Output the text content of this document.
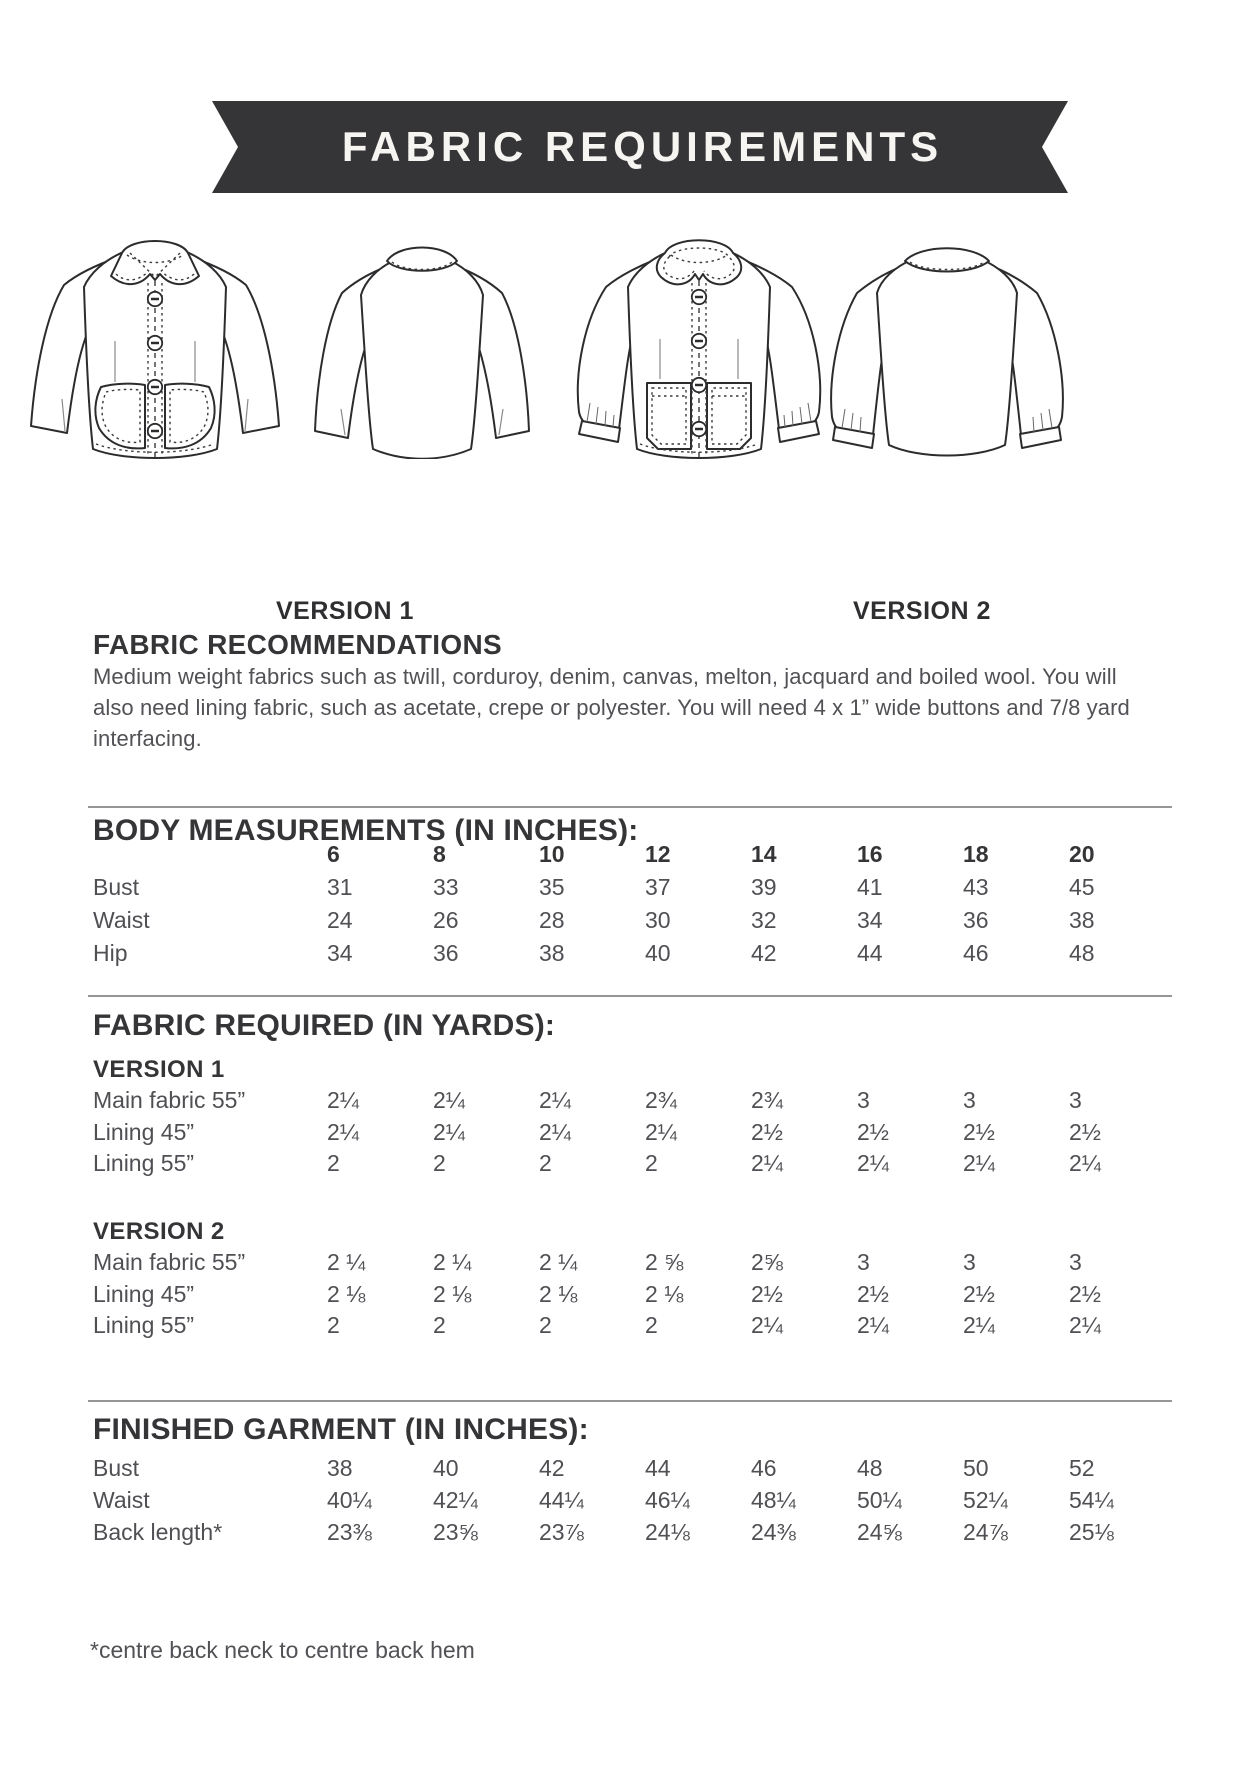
FABRIC REQUIREMENTS
VERSION 1	VERSION 2
FABRIC RECOMMENDATIONS
Medium weight fabrics such as twill, corduroy, denim, canvas, melton, jacquard and boiled wool. You will also need lining fabric, such as acetate, crepe or polyester. You will need 4 x 1” wide buttons and 7/8 yard interfacing.
BODY MEASUREMENTS (IN INCHES):
6	8	10	12	14	16	18	20
Bust	31	33	35	37	39	41	43	45
Waist	24	26	28	30	32	34	36	38
Hip	34	36	38	40	42	44	46	48
FABRIC REQUIRED (IN YARDS):
VERSION 1
Main fabric 55”	2¼	2¼	2¼	2¾	2¾	3	3	3
Lining 45”	2¼	2¼	2¼	2¼	2½	2½	2½	2½
Lining 55”	2	2	2	2	2¼	2¼	2¼	2¼
VERSION 2
Main fabric 55”	2 ¼	2 ¼	2 ¼	2 ⅝	2⅝	3	3	3
Lining 45”	2 ⅛	2 ⅛	2 ⅛	2 ⅛	2½	2½	2½	2½
Lining 55”	2	2	2	2	2¼	2¼	2¼	2¼
FINISHED GARMENT (IN INCHES):
Bust	38	40	42	44	46	48	50	52
Waist	40¼	42¼	44¼	46¼	48¼	50¼	52¼	54¼
Back length*	23⅜	23⅝	23⅞	24⅛	24⅜	24⅝	24⅞	25⅛
*centre back neck to centre back hem
